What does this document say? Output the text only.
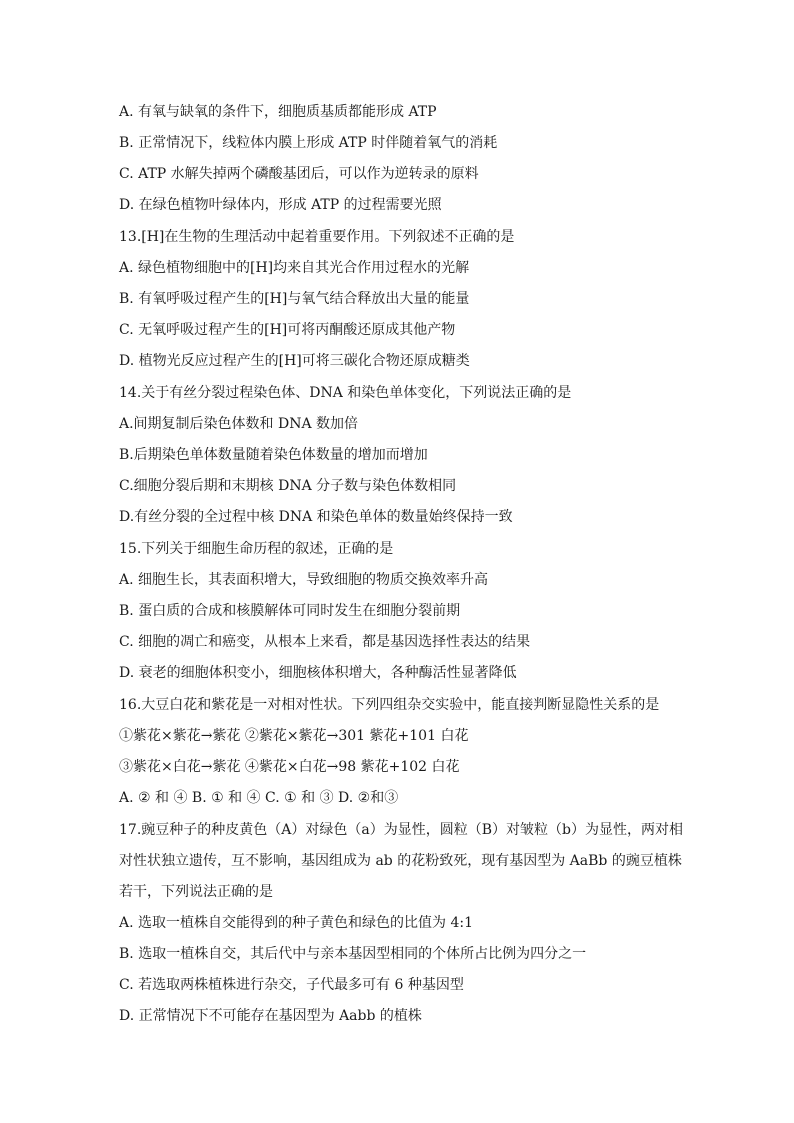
A. 有氧与缺氧的条件下，细胞质基质都能形成 ATP
B. 正常情况下，线粒体内膜上形成 ATP 时伴随着氧气的消耗
C. ATP 水解失掉两个磷酸基团后，可以作为逆转录的原料
D. 在绿色植物叶绿体内，形成 ATP 的过程需要光照
13.[H]在生物的生理活动中起着重要作用。下列叙述不正确的是
A. 绿色植物细胞中的[H]均来自其光合作用过程水的光解
B. 有氧呼吸过程产生的[H]与氧气结合释放出大量的能量
C. 无氧呼吸过程产生的[H]可将丙酮酸还原成其他产物
D. 植物光反应过程产生的[H]可将三碳化合物还原成糖类
14.关于有丝分裂过程染色体、DNA 和染色单体变化，下列说法正确的是
A.间期复制后染色体数和 DNA 数加倍
B.后期染色单体数量随着染色体数量的增加而增加
C.细胞分裂后期和末期核 DNA 分子数与染色体数相同
D.有丝分裂的全过程中核 DNA 和染色单体的数量始终保持一致
15.下列关于细胞生命历程的叙述，正确的是
A. 细胞生长，其表面积增大，导致细胞的物质交换效率升高
B. 蛋白质的合成和核膜解体可同时发生在细胞分裂前期
C. 细胞的凋亡和癌变，从根本上来看，都是基因选择性表达的结果
D. 衰老的细胞体积变小，细胞核体积增大，各种酶活性显著降低
16.大豆白花和紫花是一对相对性状。下列四组杂交实验中，能直接判断显隐性关系的是
①紫花×紫花→紫花 ②紫花×紫花→301 紫花+101 白花
③紫花×白花→紫花 ④紫花×白花→98 紫花+102 白花
A. ② 和 ④ B. ① 和 ④ C. ① 和 ③ D. ②和③
17.豌豆种子的种皮黄色（A）对绿色（a）为显性，圆粒（B）对皱粒（b）为显性，两对相
对性状独立遗传，互不影响，基因组成为 ab 的花粉致死，现有基因型为 AaBb 的豌豆植株
若干，下列说法正确的是
A. 选取一植株自交能得到的种子黄色和绿色的比值为 4:1
B. 选取一植株自交，其后代中与亲本基因型相同的个体所占比例为四分之一
C. 若选取两株植株进行杂交，子代最多可有 6 种基因型
D. 正常情况下不可能存在基因型为 Aabb 的植株
